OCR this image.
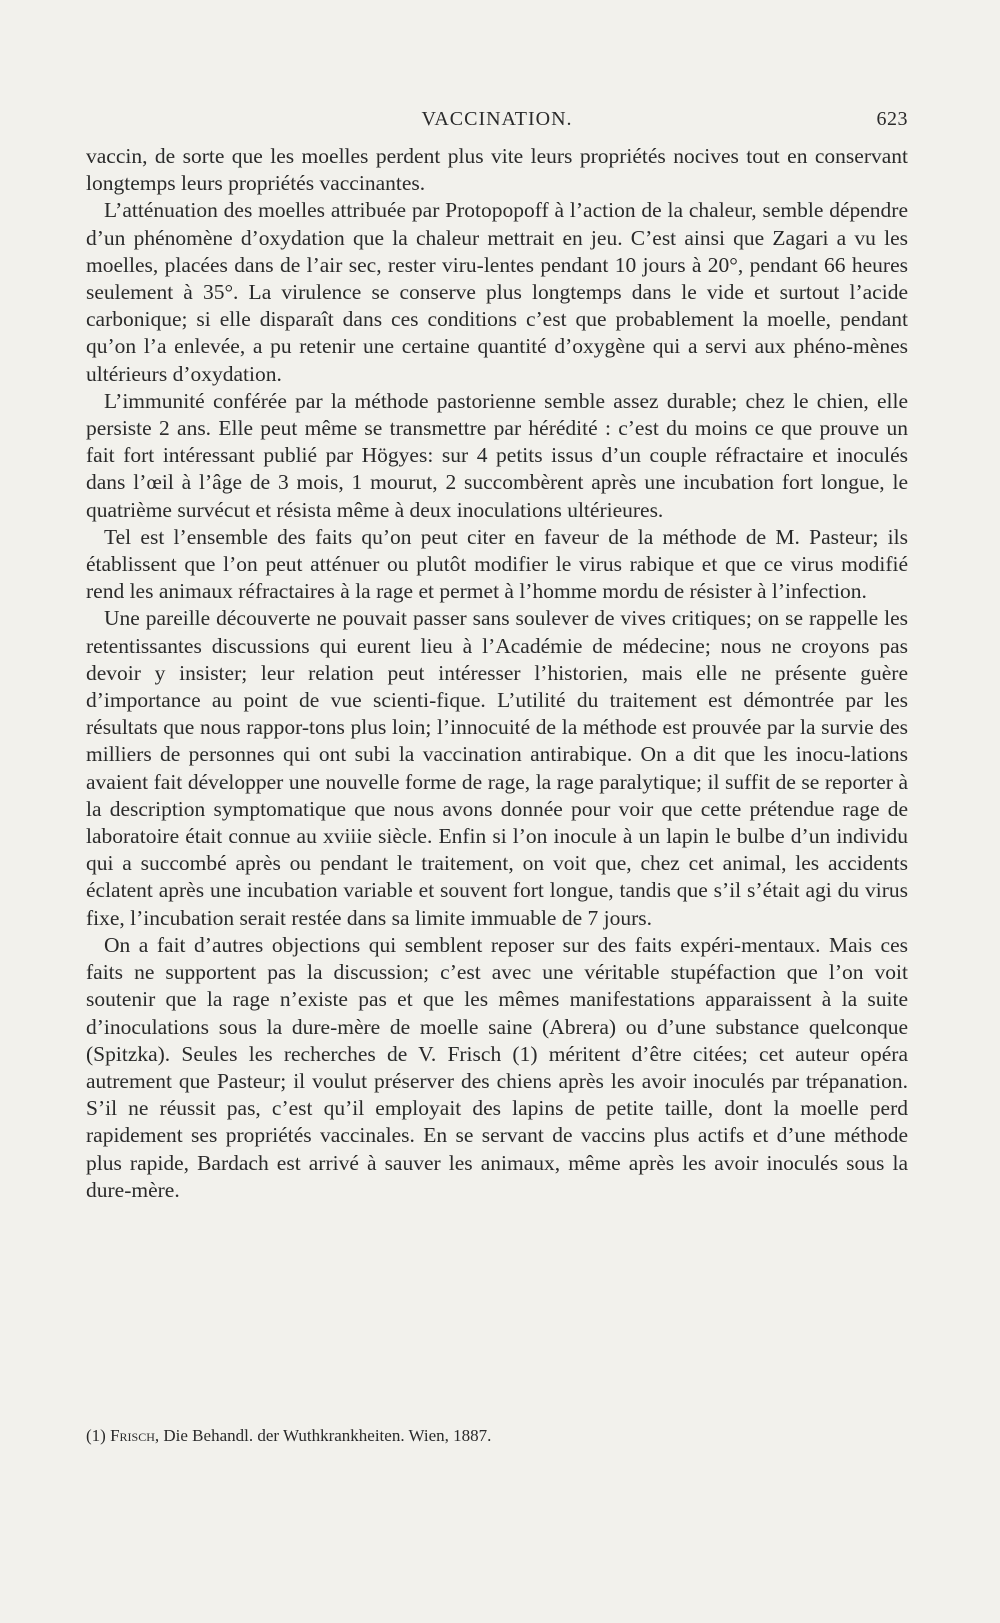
VACCINATION.	623

vaccin, de sorte que les moelles perdent plus vite leurs propriétés nocives tout en conservant longtemps leurs propriétés vaccinantes.

L’atténuation des moelles attribuée par Protopopoff à l’action de la chaleur, semble dépendre d’un phénomène d’oxydation que la chaleur mettrait en jeu. C’est ainsi que Zagari a vu les moelles, placées dans de l’air sec, rester viru-lentes pendant 10 jours à 20°, pendant 66 heures seulement à 35°. La virulence se conserve plus longtemps dans le vide et surtout l’acide carbonique; si elle disparaît dans ces conditions c’est que probablement la moelle, pendant qu’on l’a enlevée, a pu retenir une certaine quantité d’oxygène qui a servi aux phéno-mènes ultérieurs d’oxydation.

L’immunité conférée par la méthode pastorienne semble assez durable; chez le chien, elle persiste 2 ans. Elle peut même se transmettre par hérédité : c’est du moins ce que prouve un fait fort intéressant publié par Högyes: sur 4 petits issus d’un couple réfractaire et inoculés dans l’œil à l’âge de 3 mois, 1 mourut, 2 succombèrent après une incubation fort longue, le quatrième survécut et résista même à deux inoculations ultérieures.

Tel est l’ensemble des faits qu’on peut citer en faveur de la méthode de M. Pasteur; ils établissent que l’on peut atténuer ou plutôt modifier le virus rabique et que ce virus modifié rend les animaux réfractaires à la rage et permet à l’homme mordu de résister à l’infection.

Une pareille découverte ne pouvait passer sans soulever de vives critiques; on se rappelle les retentissantes discussions qui eurent lieu à l’Académie de médecine; nous ne croyons pas devoir y insister; leur relation peut intéresser l’historien, mais elle ne présente guère d’importance au point de vue scienti-fique. L’utilité du traitement est démontrée par les résultats que nous rappor-tons plus loin; l’innocuité de la méthode est prouvée par la survie des milliers de personnes qui ont subi la vaccination antirabique. On a dit que les inocu-lations avaient fait développer une nouvelle forme de rage, la rage paralytique; il suffit de se reporter à la description symptomatique que nous avons donnée pour voir que cette prétendue rage de laboratoire était connue au xviiie siècle. Enfin si l’on inocule à un lapin le bulbe d’un individu qui a succombé après ou pendant le traitement, on voit que, chez cet animal, les accidents éclatent après une incubation variable et souvent fort longue, tandis que s’il s’était agi du virus fixe, l’incubation serait restée dans sa limite immuable de 7 jours.

On a fait d’autres objections qui semblent reposer sur des faits expéri-mentaux. Mais ces faits ne supportent pas la discussion; c’est avec une véritable stupéfaction que l’on voit soutenir que la rage n’existe pas et que les mêmes manifestations apparaissent à la suite d’inoculations sous la dure-mère de moelle saine (Abrera) ou d’une substance quelconque (Spitzka). Seules les recherches de V. Frisch (1) méritent d’être citées; cet auteur opéra autrement que Pasteur; il voulut préserver des chiens après les avoir inoculés par trépanation. S’il ne réussit pas, c’est qu’il employait des lapins de petite taille, dont la moelle perd rapidement ses propriétés vaccinales. En se servant de vaccins plus actifs et d’une méthode plus rapide, Bardach est arrivé à sauver les animaux, même après les avoir inoculés sous la dure-mère.

(1) Frisch, Die Behandl. der Wuthkrankheiten. Wien, 1887.
